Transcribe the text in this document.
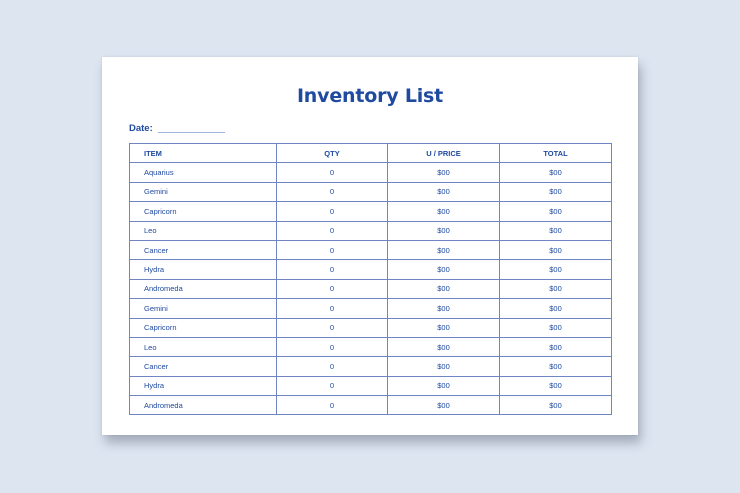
Inventory List
Date:
ITEM	QTY	U / PRICE	TOTAL
Aquarius	0	$00	$00
Gemini	0	$00	$00
Capricorn	0	$00	$00
Leo	0	$00	$00
Cancer	0	$00	$00
Hydra	0	$00	$00
Andromeda	0	$00	$00
Gemini	0	$00	$00
Capricorn	0	$00	$00
Leo	0	$00	$00
Cancer	0	$00	$00
Hydra	0	$00	$00
Andromeda	0	$00	$00
